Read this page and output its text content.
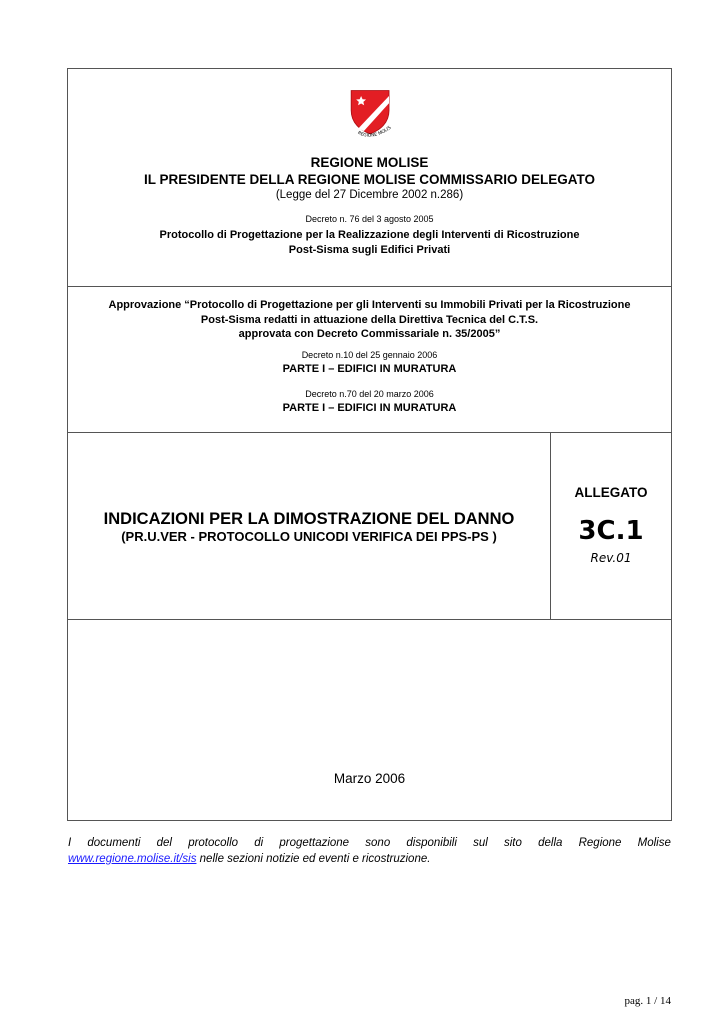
REGIONE MOLIS
REGIONE MOLISE
IL PRESIDENTE DELLA REGIONE MOLISE COMMISSARIO DELEGATO
(Legge del 27 Dicembre 2002 n.286)
Decreto n. 76 del 3 agosto 2005
Protocollo di Progettazione per la Realizzazione degli Interventi di Ricostruzione
Post-Sisma sugli Edifici Privati
Approvazione “Protocollo di Progettazione per gli Interventi su Immobili Privati per la Ricostruzione
Post-Sisma redatti in attuazione della Direttiva Tecnica del C.T.S.
approvata con Decreto Commissariale n. 35/2005”
Decreto n.10 del 25 gennaio 2006
PARTE I – EDIFICI IN MURATURA
Decreto n.70 del 20 marzo 2006
PARTE I – EDIFICI IN MURATURA
INDICAZIONI PER LA DIMOSTRAZIONE DEL DANNO
(PR.U.VER - PROTOCOLLO UNICODI VERIFICA DEI PPS-PS )
ALLEGATO
3C.1
Rev.01
Marzo 2006
I documenti del protocollo di progettazione sono disponibili sul sito della Regione Molise
www.regione.molise.it/sis nelle sezioni notizie ed eventi e ricostruzione.
pag. 1 / 14
